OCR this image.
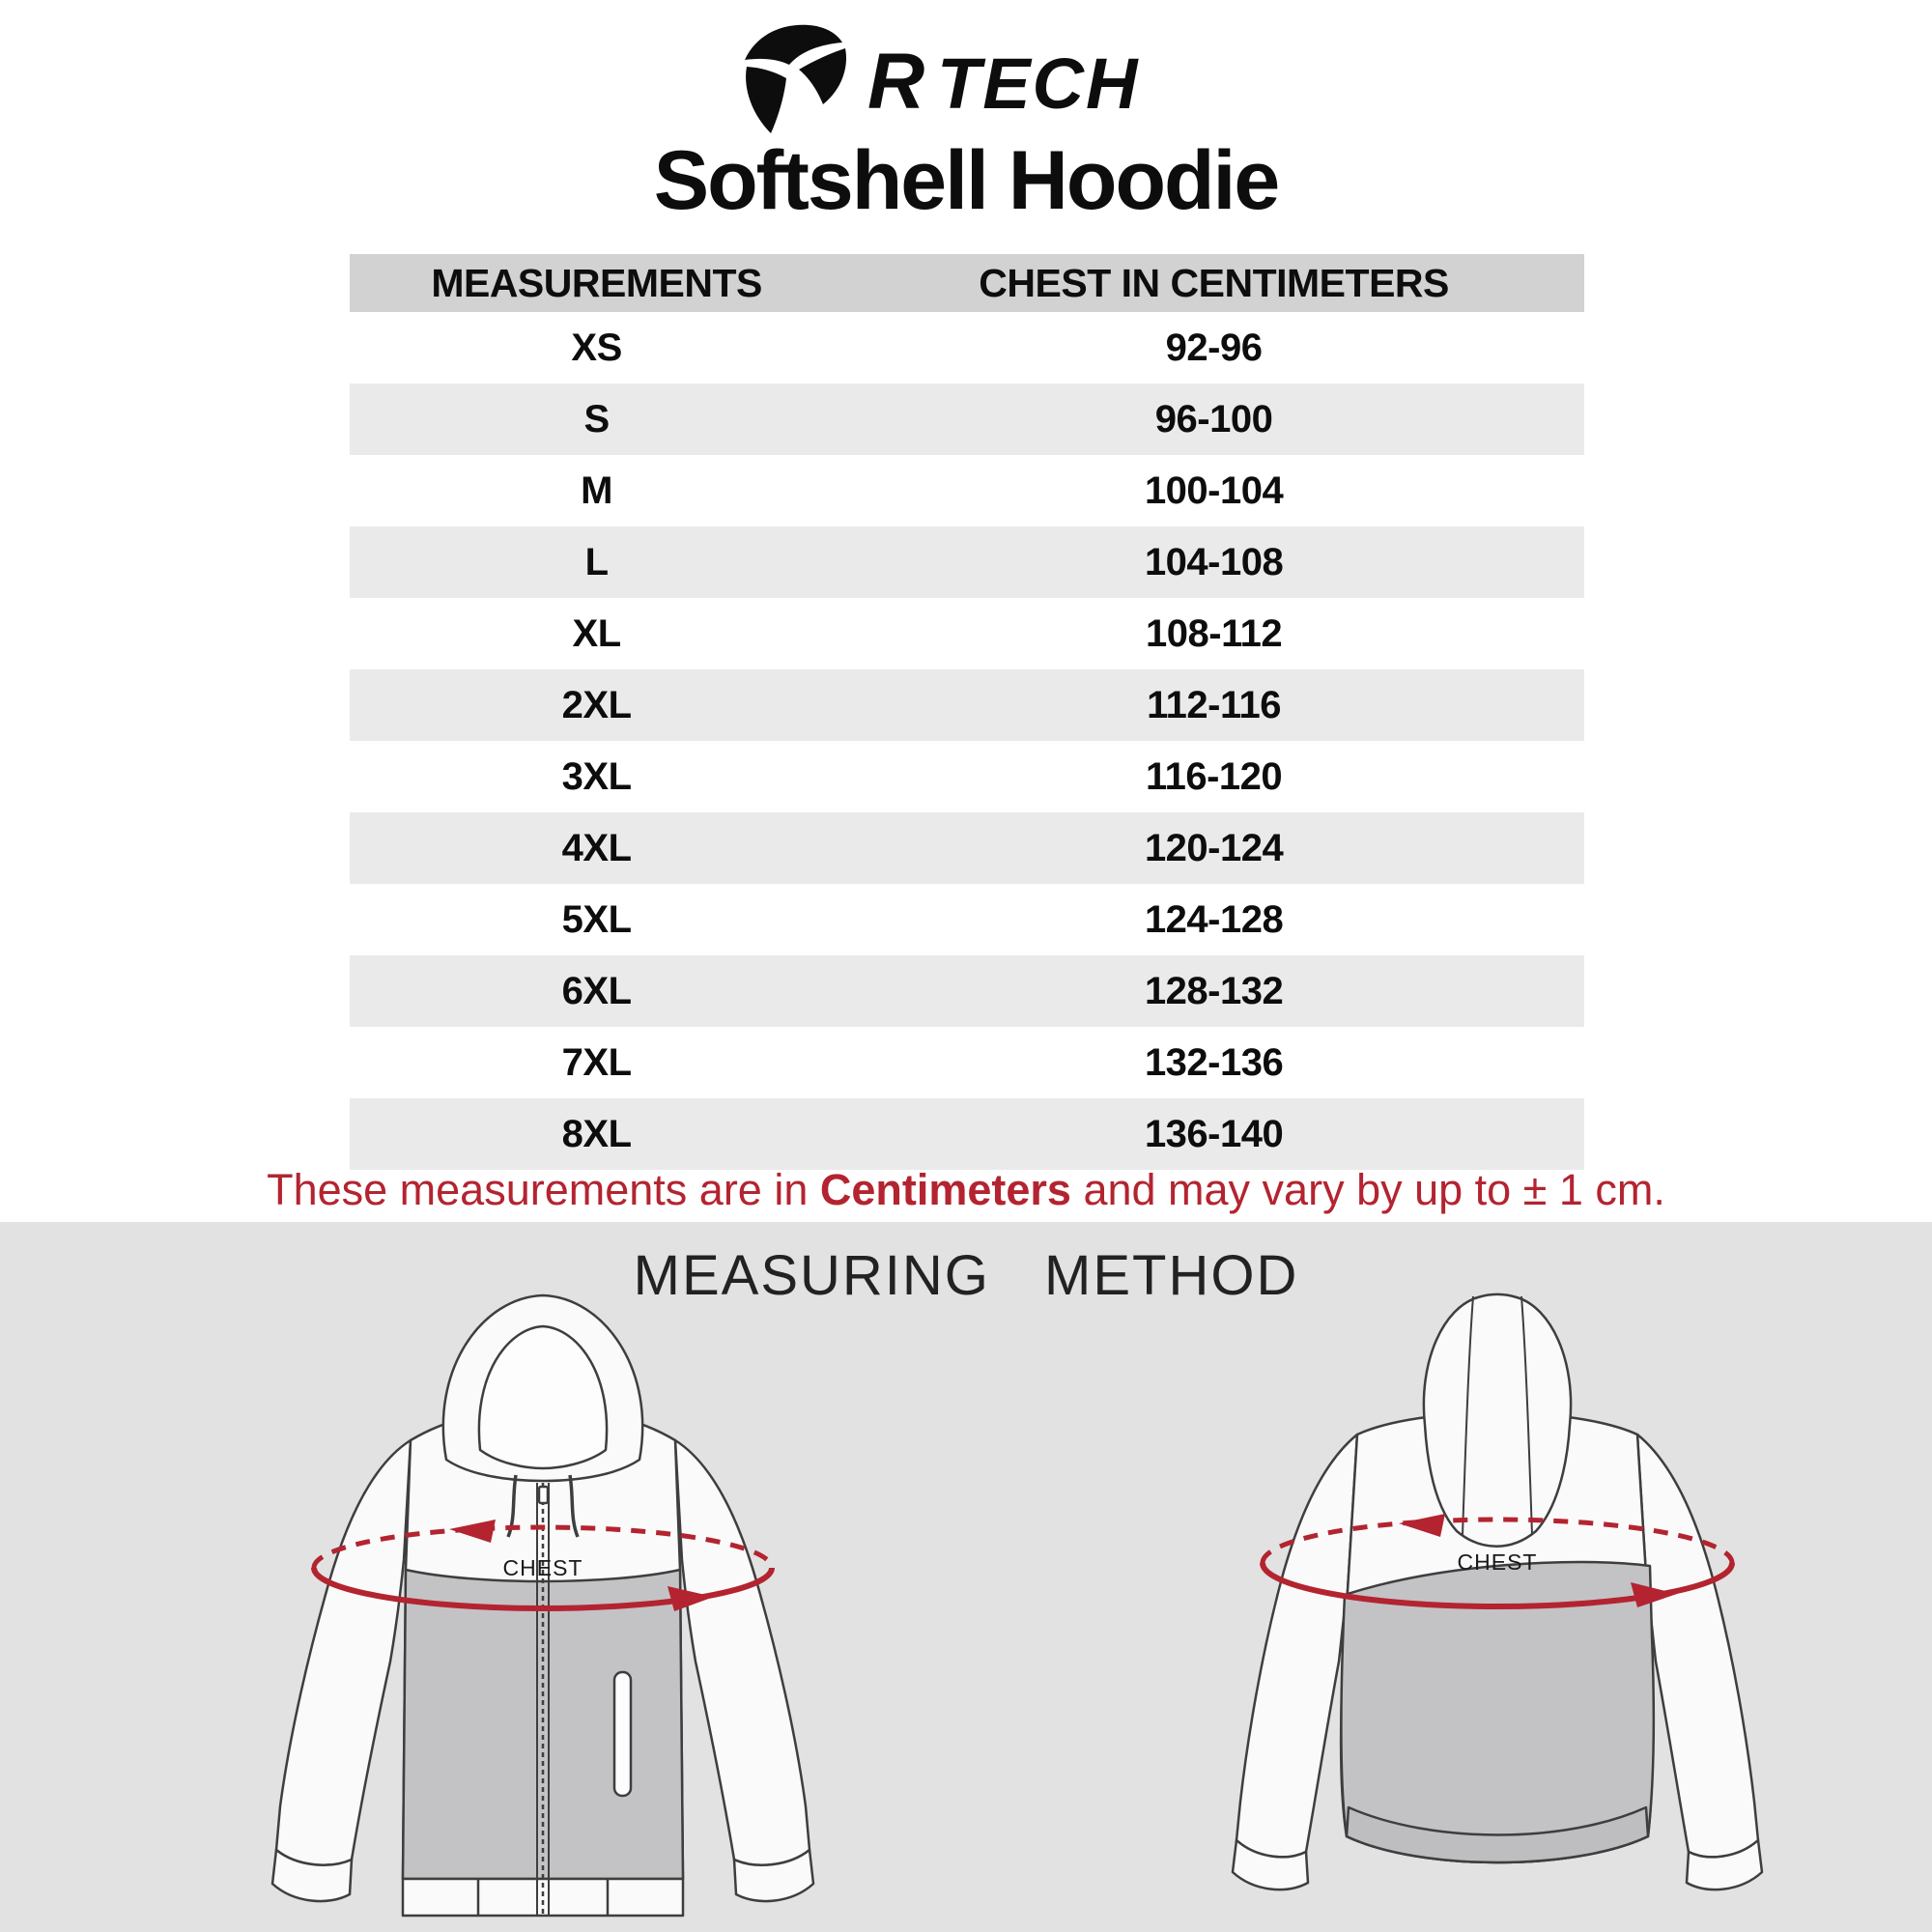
R TECH
Softshell Hoodie
MEASUREMENTS	CHEST IN CENTIMETERS
XS	92-96
S	96-100
M	100-104
L	104-108
XL	108-112
2XL	112-116
3XL	116-120
4XL	120-124
5XL	124-128
6XL	128-132
7XL	132-136
8XL	136-140
These measurements are in Centimeters and may vary by up to ± 1 cm.
MEASURING METHOD
CHEST	CHEST
